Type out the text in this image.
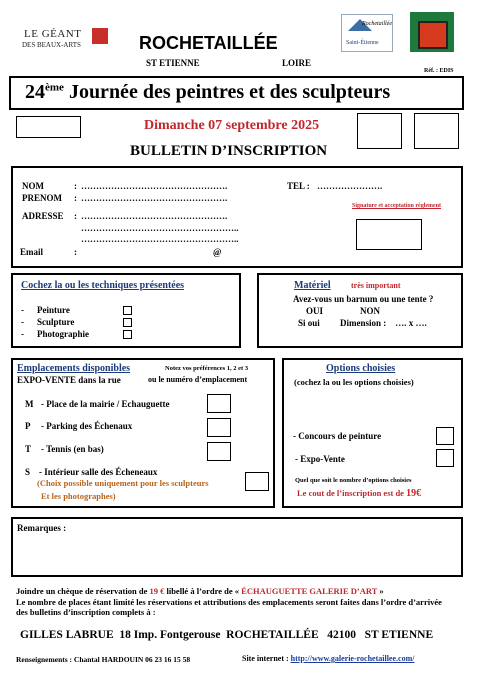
LE GÉANT
DES BEAUX-ARTS	ROCHETAILLÉE
ST ETIENNE	LOIRE
Rochetaillée
Saint-Étienne
Réf. : EDIS
24ème Journée des peintres et des sculpteurs
Dimanche 07 septembre 2025
BULLETIN D’INSCRIPTION
NOM	: ………………………………………….	TEL : ………………….
PRENOM : ………………………………………….
Signature et acceptation règlement
ADRESSE : ………………………………………….
……………………………………………..
……………………………………………..
Email	:	@
Cochez la ou les techniques présentées
- Peinture
- Sculpture
- Photographie
Matériel	très important
Avez-vous un barnum ou une tente ?
OUI	NON
Si oui Dimension :    …. x ….
Emplacements disponibles	Notez vos préférences 1, 2 et 3
EXPO-VENTE dans la rue	ou le numéro d’emplacement
M - Place de la mairie / Echauguette
P - Parking des Échenaux
T - Tennis (en bas)
S - Intérieur salle des Écheneaux
(Choix possible uniquement pour les sculpteurs
Et les photographes)
Options choisies
(cochez la ou les options choisies)
- Concours de peinture
- Expo-Vente
Quel que soit le nombre d’options choisies
Le cout de l’inscription est de 19€
Remarques :
Joindre un chèque de réservation de 19 € libellé à l’ordre de « ÉCHAUGUETTE GALERIE D’ART »
Le nombre de places étant limité les réservations et attributions des emplacements seront faites dans l’ordre d’arrivée des bulletins d’inscription complets à :
GILLES LABRUE  18 Imp. Fontgerouse  ROCHETAILLÉE   42100   ST ETIENNE
Renseignements : Chantal HARDOUIN 06 23 16 15 58	Site internet : http://www.galerie-rochetaillee.com/
